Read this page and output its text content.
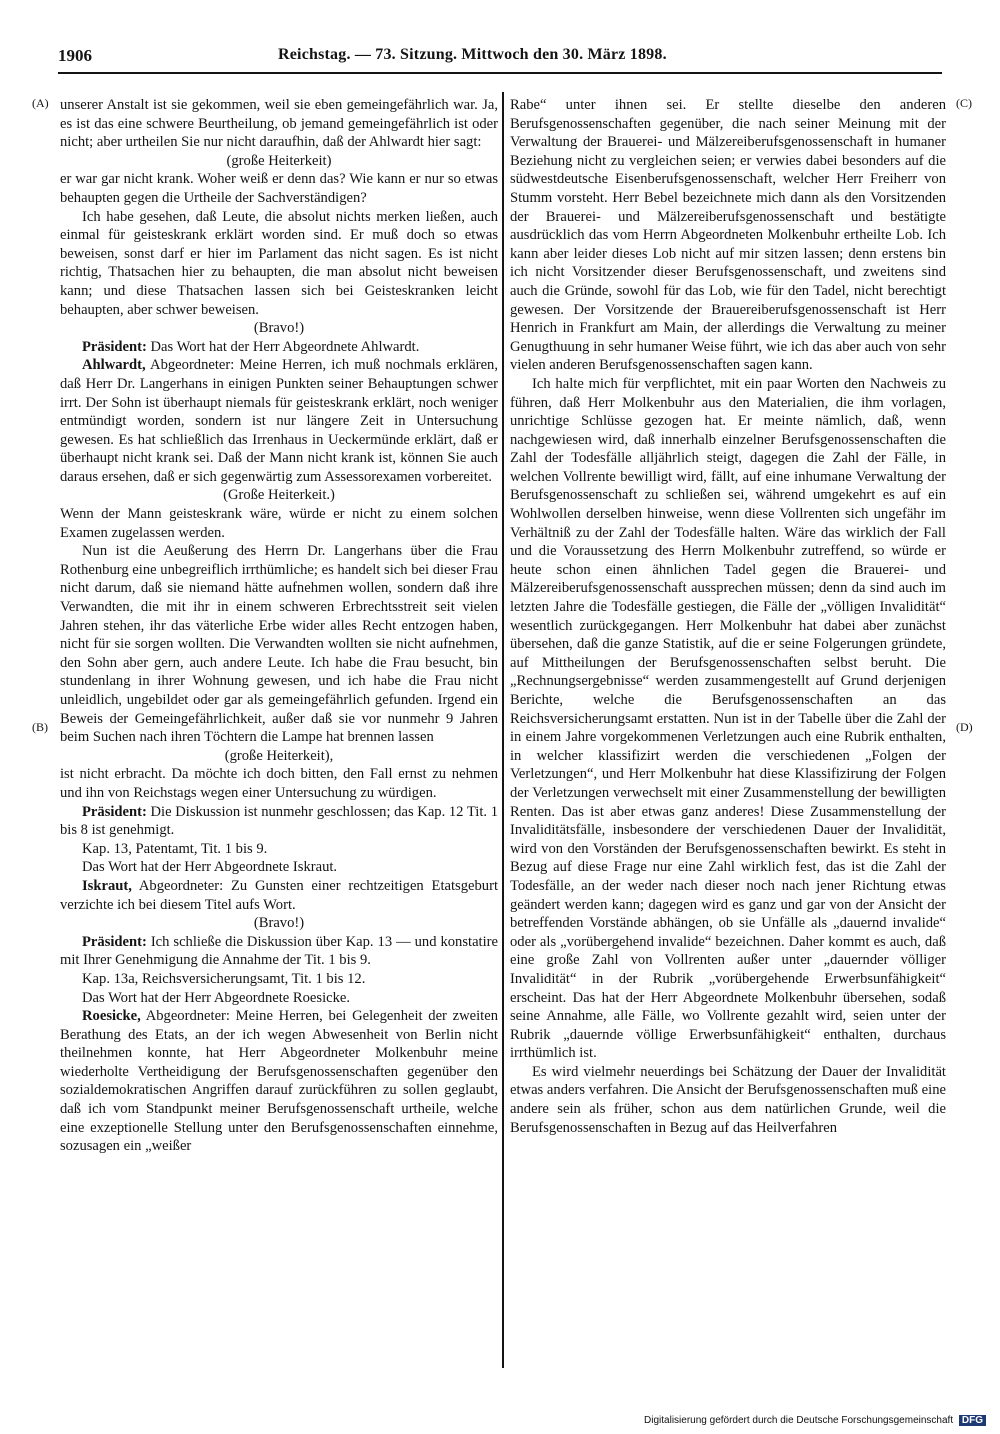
1906	Reichstag. — 73. Sitzung. Mittwoch den 30. März 1898.
(A)
(B)
(C)
(D)

unserer Anstalt ist sie gekommen, weil sie eben gemeingefährlich war. Ja, es ist das eine schwere Beurtheilung, ob jemand gemeingefährlich ist oder nicht; aber urtheilen Sie nur nicht daraufhin, daß der Ahlwardt hier sagt:

(große Heiterkeit)

er war gar nicht krank. Woher weiß er denn das? Wie kann er nur so etwas behaupten gegen die Urtheile der Sachverständigen?

Ich habe gesehen, daß Leute, die absolut nichts merken ließen, auch einmal für geisteskrank erklärt worden sind. Er muß doch so etwas beweisen, sonst darf er hier im Parlament das nicht sagen. Es ist nicht richtig, Thatsachen hier zu behaupten, die man absolut nicht beweisen kann; und diese Thatsachen lassen sich bei Geisteskranken leicht behaupten, aber schwer beweisen.

(Bravo!)

Präsident: Das Wort hat der Herr Abgeordnete Ahlwardt.

Ahlwardt, Abgeordneter: Meine Herren, ich muß nochmals erklären, daß Herr Dr. Langerhans in einigen Punkten seiner Behauptungen schwer irrt. Der Sohn ist überhaupt niemals für geisteskrank erklärt, noch weniger entmündigt worden, sondern ist nur längere Zeit in Untersuchung gewesen. Es hat schließlich das Irrenhaus in Ueckermünde erklärt, daß er überhaupt nicht krank sei. Daß der Mann nicht krank ist, können Sie auch daraus ersehen, daß er sich gegenwärtig zum Assessorexamen vorbereitet.

(Große Heiterkeit.)

Wenn der Mann geisteskrank wäre, würde er nicht zu einem solchen Examen zugelassen werden.

Nun ist die Aeußerung des Herrn Dr. Langerhans über die Frau Rothenburg eine unbegreiflich irrthümliche; es handelt sich bei dieser Frau nicht darum, daß sie niemand hätte aufnehmen wollen, sondern daß ihre Verwandten, die mit ihr in einem schweren Erbrechtsstreit seit vielen Jahren stehen, ihr das väterliche Erbe wider alles Recht entzogen haben, nicht für sie sorgen wollten. Die Verwandten wollten sie nicht aufnehmen, den Sohn aber gern, auch andere Leute. Ich habe die Frau besucht, bin stundenlang in ihrer Wohnung gewesen, und ich habe die Frau nicht unleidlich, ungebildet oder gar als gemeingefährlich gefunden. Irgend ein Beweis der Gemeingefährlichkeit, außer daß sie vor nunmehr 9 Jahren beim Suchen nach ihren Töchtern die Lampe hat brennen lassen

(große Heiterkeit),

ist nicht erbracht. Da möchte ich doch bitten, den Fall ernst zu nehmen und ihn von Reichstags wegen einer Untersuchung zu würdigen.

Präsident: Die Diskussion ist nunmehr geschlossen; das Kap. 12 Tit. 1 bis 8 ist genehmigt.

Kap. 13, Patentamt, Tit. 1 bis 9.

Das Wort hat der Herr Abgeordnete Iskraut.

Iskraut, Abgeordneter: Zu Gunsten einer rechtzeitigen Etatsgeburt verzichte ich bei diesem Titel aufs Wort.

(Bravo!)

Präsident: Ich schließe die Diskussion über Kap. 13 — und konstatire mit Ihrer Genehmigung die Annahme der Tit. 1 bis 9.

Kap. 13a, Reichsversicherungsamt, Tit. 1 bis 12.

Das Wort hat der Herr Abgeordnete Roesicke.

Roesicke, Abgeordneter: Meine Herren, bei Gelegenheit der zweiten Berathung des Etats, an der ich wegen Abwesenheit von Berlin nicht theilnehmen konnte, hat Herr Abgeordneter Molkenbuhr meine wiederholte Vertheidigung der Berufsgenossenschaften gegenüber den sozialdemokratischen Angriffen darauf zurückführen zu sollen geglaubt, daß ich vom Standpunkt meiner Berufsgenossenschaft urtheile, welche eine exzeptionelle Stellung unter den Berufsgenossenschaften einnehme, sozusagen ein „weißer

Rabe“ unter ihnen sei. Er stellte dieselbe den anderen Berufsgenossenschaften gegenüber, die nach seiner Meinung mit der Verwaltung der Brauerei- und Mälzereiberufsgenossenschaft in humaner Beziehung nicht zu vergleichen seien; er verwies dabei besonders auf die südwestdeutsche Eisenberufsgenossenschaft, welcher Herr Freiherr von Stumm vorsteht. Herr Bebel bezeichnete mich dann als den Vorsitzenden der Brauerei- und Mälzereiberufsgenossenschaft und bestätigte ausdrücklich das vom Herrn Abgeordneten Molkenbuhr ertheilte Lob. Ich kann aber leider dieses Lob nicht auf mir sitzen lassen; denn erstens bin ich nicht Vorsitzender dieser Berufsgenossenschaft, und zweitens sind auch die Gründe, sowohl für das Lob, wie für den Tadel, nicht berechtigt gewesen. Der Vorsitzende der Brauereiberufsgenossenschaft ist Herr Henrich in Frankfurt am Main, der allerdings die Verwaltung zu meiner Genugthuung in sehr humaner Weise führt, wie ich das aber auch von sehr vielen anderen Berufsgenossenschaften sagen kann.

Ich halte mich für verpflichtet, mit ein paar Worten den Nachweis zu führen, daß Herr Molkenbuhr aus den Materialien, die ihm vorlagen, unrichtige Schlüsse gezogen hat. Er meinte nämlich, daß, wenn nachgewiesen wird, daß innerhalb einzelner Berufsgenossenschaften die Zahl der Todesfälle alljährlich steigt, dagegen die Zahl der Fälle, in welchen Vollrente bewilligt wird, fällt, auf eine inhumane Verwaltung der Berufsgenossenschaft zu schließen sei, während umgekehrt es auf ein Wohlwollen derselben hinweise, wenn diese Vollrenten sich ungefähr im Verhältniß zu der Zahl der Todesfälle halten. Wäre das wirklich der Fall und die Voraussetzung des Herrn Molkenbuhr zutreffend, so würde er heute schon einen ähnlichen Tadel gegen die Brauerei- und Mälzereiberufsgenossenschaft aussprechen müssen; denn da sind auch im letzten Jahre die Todesfälle gestiegen, die Fälle der „völligen Invalidität“ wesentlich zurückgegangen. Herr Molkenbuhr hat dabei aber zunächst übersehen, daß die ganze Statistik, auf die er seine Folgerungen gründete, auf Mittheilungen der Berufsgenossenschaften selbst beruht. Die „Rechnungsergebnisse“ werden zusammengestellt auf Grund derjenigen Berichte, welche die Berufsgenossenschaften an das Reichsversicherungsamt erstatten. Nun ist in der Tabelle über die Zahl der in einem Jahre vorgekommenen Verletzungen auch eine Rubrik enthalten, in welcher klassifizirt werden die verschiedenen „Folgen der Verletzungen“, und Herr Molkenbuhr hat diese Klassifizirung der Folgen der Verletzungen verwechselt mit einer Zusammenstellung der bewilligten Renten. Das ist aber etwas ganz anderes! Diese Zusammenstellung der Invaliditätsfälle, insbesondere der verschiedenen Dauer der Invalidität, wird von den Vorständen der Berufsgenossenschaften bewirkt. Es steht in Bezug auf diese Frage nur eine Zahl wirklich fest, das ist die Zahl der Todesfälle, an der weder nach dieser noch nach jener Richtung etwas geändert werden kann; dagegen wird es ganz und gar von der Ansicht der betreffenden Vorstände abhängen, ob sie Unfälle als „dauernd invalide“ oder als „vorübergehend invalide“ bezeichnen. Daher kommt es auch, daß eine große Zahl von Vollrenten außer unter „dauernder völliger Invalidität“ in der Rubrik „vorübergehende Erwerbsunfähigkeit“ erscheint. Das hat der Herr Abgeordnete Molkenbuhr übersehen, sodaß seine Annahme, alle Fälle, wo Vollrente gezahlt wird, seien unter der Rubrik „dauernde völlige Erwerbsunfähigkeit“ enthalten, durchaus irrthümlich ist.

Es wird vielmehr neuerdings bei Schätzung der Dauer der Invalidität etwas anders verfahren. Die Ansicht der Berufsgenossenschaften muß eine andere sein als früher, schon aus dem natürlichen Grunde, weil die Berufsgenossenschaften in Bezug auf das Heilverfahren

Digitalisierung gefördert durch die Deutsche Forschungsgemeinschaft DFG
